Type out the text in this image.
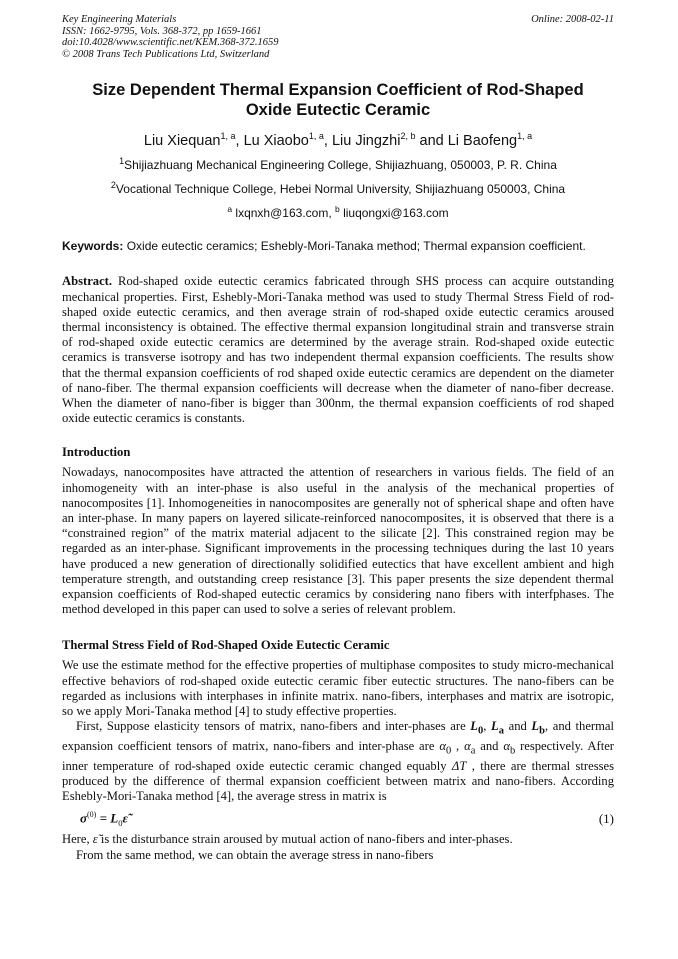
Key Engineering Materials
ISSN: 1662-9795, Vols. 368-372, pp 1659-1661
doi:10.4028/www.scientific.net/KEM.368-372.1659
© 2008 Trans Tech Publications Ltd, Switzerland
Online: 2008-02-11
Size Dependent Thermal Expansion Coefficient of Rod-Shaped Oxide Eutectic Ceramic
Liu Xiequan$^{1, a}$, Lu Xiaobo$^{1, a}$, Liu Jingzhi$^{2, b}$ and Li Baofeng$^{1, a}$
$^1$Shijiazhuang Mechanical Engineering College, Shijiazhuang, 050003, P. R. China
$^2$Vocational Technique College, Hebei Normal University, Shijiazhuang 050003, China
$^a$ lxqnxh@163.com, $^b$ liuqongxi@163.com
Keywords: Oxide eutectic ceramics; Eshebly-Mori-Tanaka method; Thermal expansion coefficient.

Abstract. Rod-shaped oxide eutectic ceramics fabricated through SHS process can acquire outstanding mechanical properties. First, Eshebly-Mori-Tanaka method was used to study Thermal Stress Field of rod-shaped oxide eutectic ceramics, and then average strain of rod-shaped oxide eutectic ceramics aroused thermal inconsistency is obtained. The effective thermal expansion longitudinal strain and transverse strain of rod-shaped oxide eutectic ceramics are determined by the average strain. Rod-shaped oxide eutectic ceramics is transverse isotropy and has two independent thermal expansion coefficients. The results show that the thermal expansion coefficients of rod shaped oxide eutectic ceramics are dependent on the diameter of nano-fiber. The thermal expansion coefficients will decrease when the diameter of nano-fiber decrease. When the diameter of nano-fiber is bigger than 300nm, the thermal expansion coefficients of rod shaped oxide eutectic ceramics is constants.

Introduction

Nowadays, nanocomposites have attracted the attention of researchers in various fields. The field of an inhomogeneity with an inter-phase is also useful in the analysis of the mechanical properties of nanocomposites [1]. Inhomogeneities in nanocomposites are generally not of spherical shape and often have an inter-phase. In many papers on layered silicate-reinforced nanocomposites, it is observed that there is a “constrained region” of the matrix material adjacent to the silicate [2]. This constrained region may be regarded as an inter-phase. Significant improvements in the processing techniques during the last 10 years have produced a new generation of directionally solidified eutectics that have excellent ambient and high temperature strength, and outstanding creep resistance [3]. This paper presents the size dependent thermal expansion coefficients of Rod-shaped eutectic ceramics by considering nano fibers with interfphases. The method developed in this paper can used to solve a series of relevant problem.

Thermal Stress Field of Rod-Shaped Oxide Eutectic Ceramic

We use the estimate method for the effective properties of multiphase composites to study micro-mechanical effective behaviors of rod-shaped oxide eutectic ceramic fiber eutectic structures. The nano-fibers can be regarded as inclusions with interphases in infinite matrix. nano-fibers, interphases and matrix are isotropic, so we apply Mori-Tanaka method [4] to study effective properties.

First, Suppose elasticity tensors of matrix, nano-fibers and inter-phases are $L_0$, $L_a$ and $L_b$, and thermal expansion coefficient tensors of matrix, nano-fibers and inter-phase are $\alpha_0$ , $\alpha_a$ and $\alpha_b$ respectively. After inner temperature of rod-shaped oxide eutectic ceramic changed equably ΔT , there are thermal stresses produced by the difference of thermal expansion coefficient between matrix and nano-fibers. According Eshebly-Mori-Tanaka method [4], the average stress in matrix is

$\sigma^{(0)}$ = $L_0\varepsiloñ$	(1)

Here, ε̃ is the disturbance strain aroused by mutual action of nano-fibers and inter-phases.

From the same method, we can obtain the average stress in nano-fibers
